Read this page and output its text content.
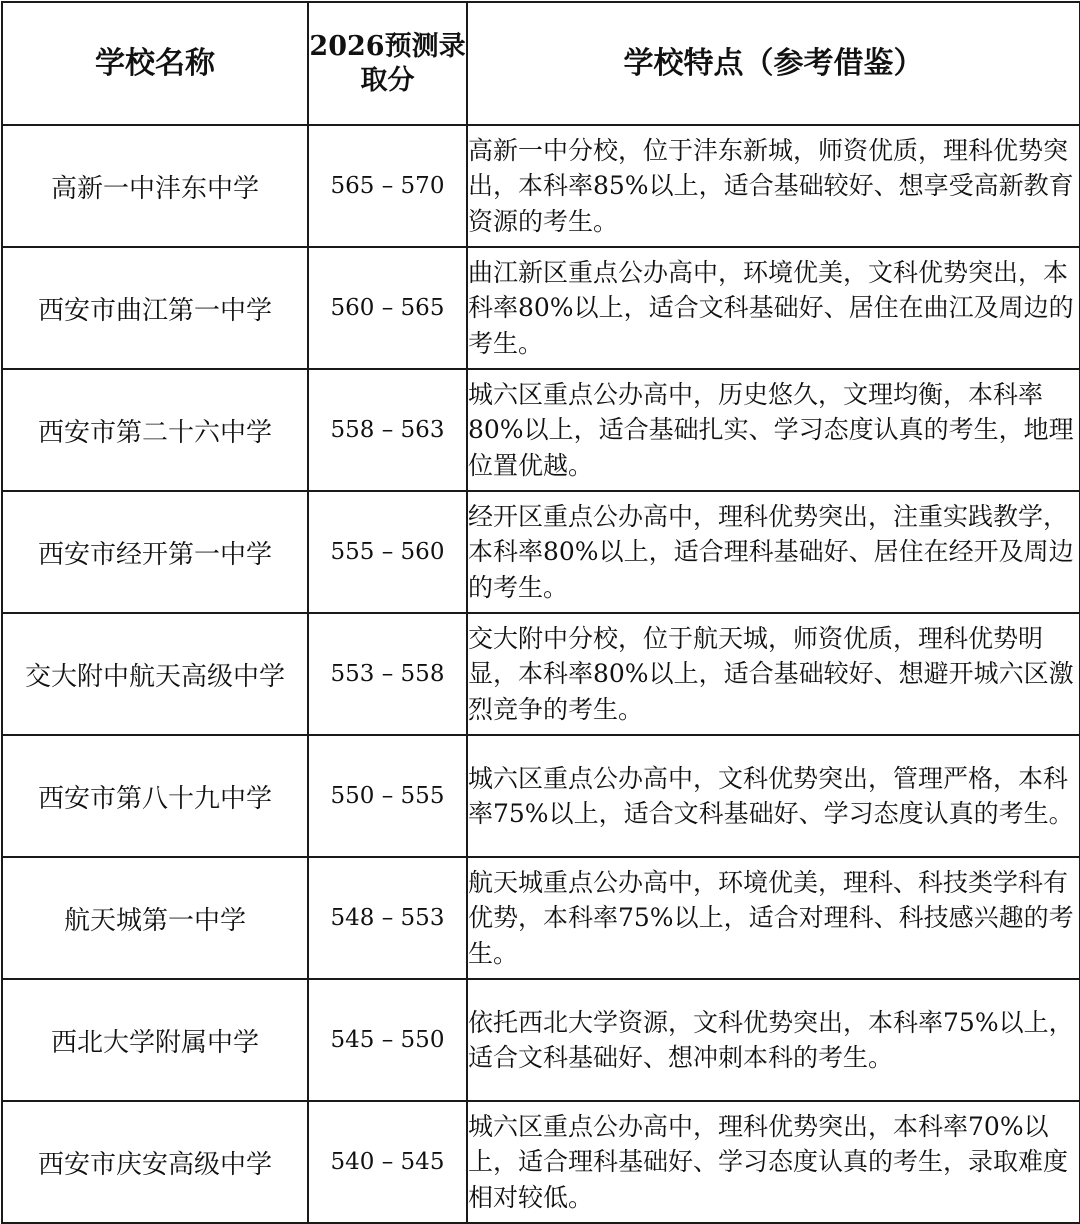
学校名称	2026预测录取分	学校特点（参考借鉴）
高新一中沣东中学	565 – 570	高新一中分校，位于沣东新城，师资优质，理科优势突出，本科率85%以上，适合基础较好、想享受高新教育资源的考生。
西安市曲江第一中学	560 – 565	曲江新区重点公办高中，环境优美，文科优势突出，本科率80%以上，适合文科基础好、居住在曲江及周边的考生。
西安市第二十六中学	558 – 563	城六区重点公办高中，历史悠久，文理均衡，本科率80%以上，适合基础扎实、学习态度认真的考生，地理位置优越。
西安市经开第一中学	555 – 560	经开区重点公办高中，理科优势突出，注重实践教学，本科率80%以上，适合理科基础好、居住在经开及周边的考生。
交大附中航天高级中学	553 – 558	交大附中分校，位于航天城，师资优质，理科优势明显，本科率80%以上，适合基础较好、想避开城六区激烈竞争的考生。
西安市第八十九中学	550 – 555	城六区重点公办高中，文科优势突出，管理严格，本科率75%以上，适合文科基础好、学习态度认真的考生。
航天城第一中学	548 – 553	航天城重点公办高中，环境优美，理科、科技类学科有优势，本科率75%以上，适合对理科、科技感兴趣的考生。
西北大学附属中学	545 – 550	依托西北大学资源，文科优势突出，本科率75%以上，适合文科基础好、想冲刺本科的考生。
西安市庆安高级中学	540 – 545	城六区重点公办高中，理科优势突出，本科率70%以上，适合理科基础好、学习态度认真的考生，录取难度相对较低。
